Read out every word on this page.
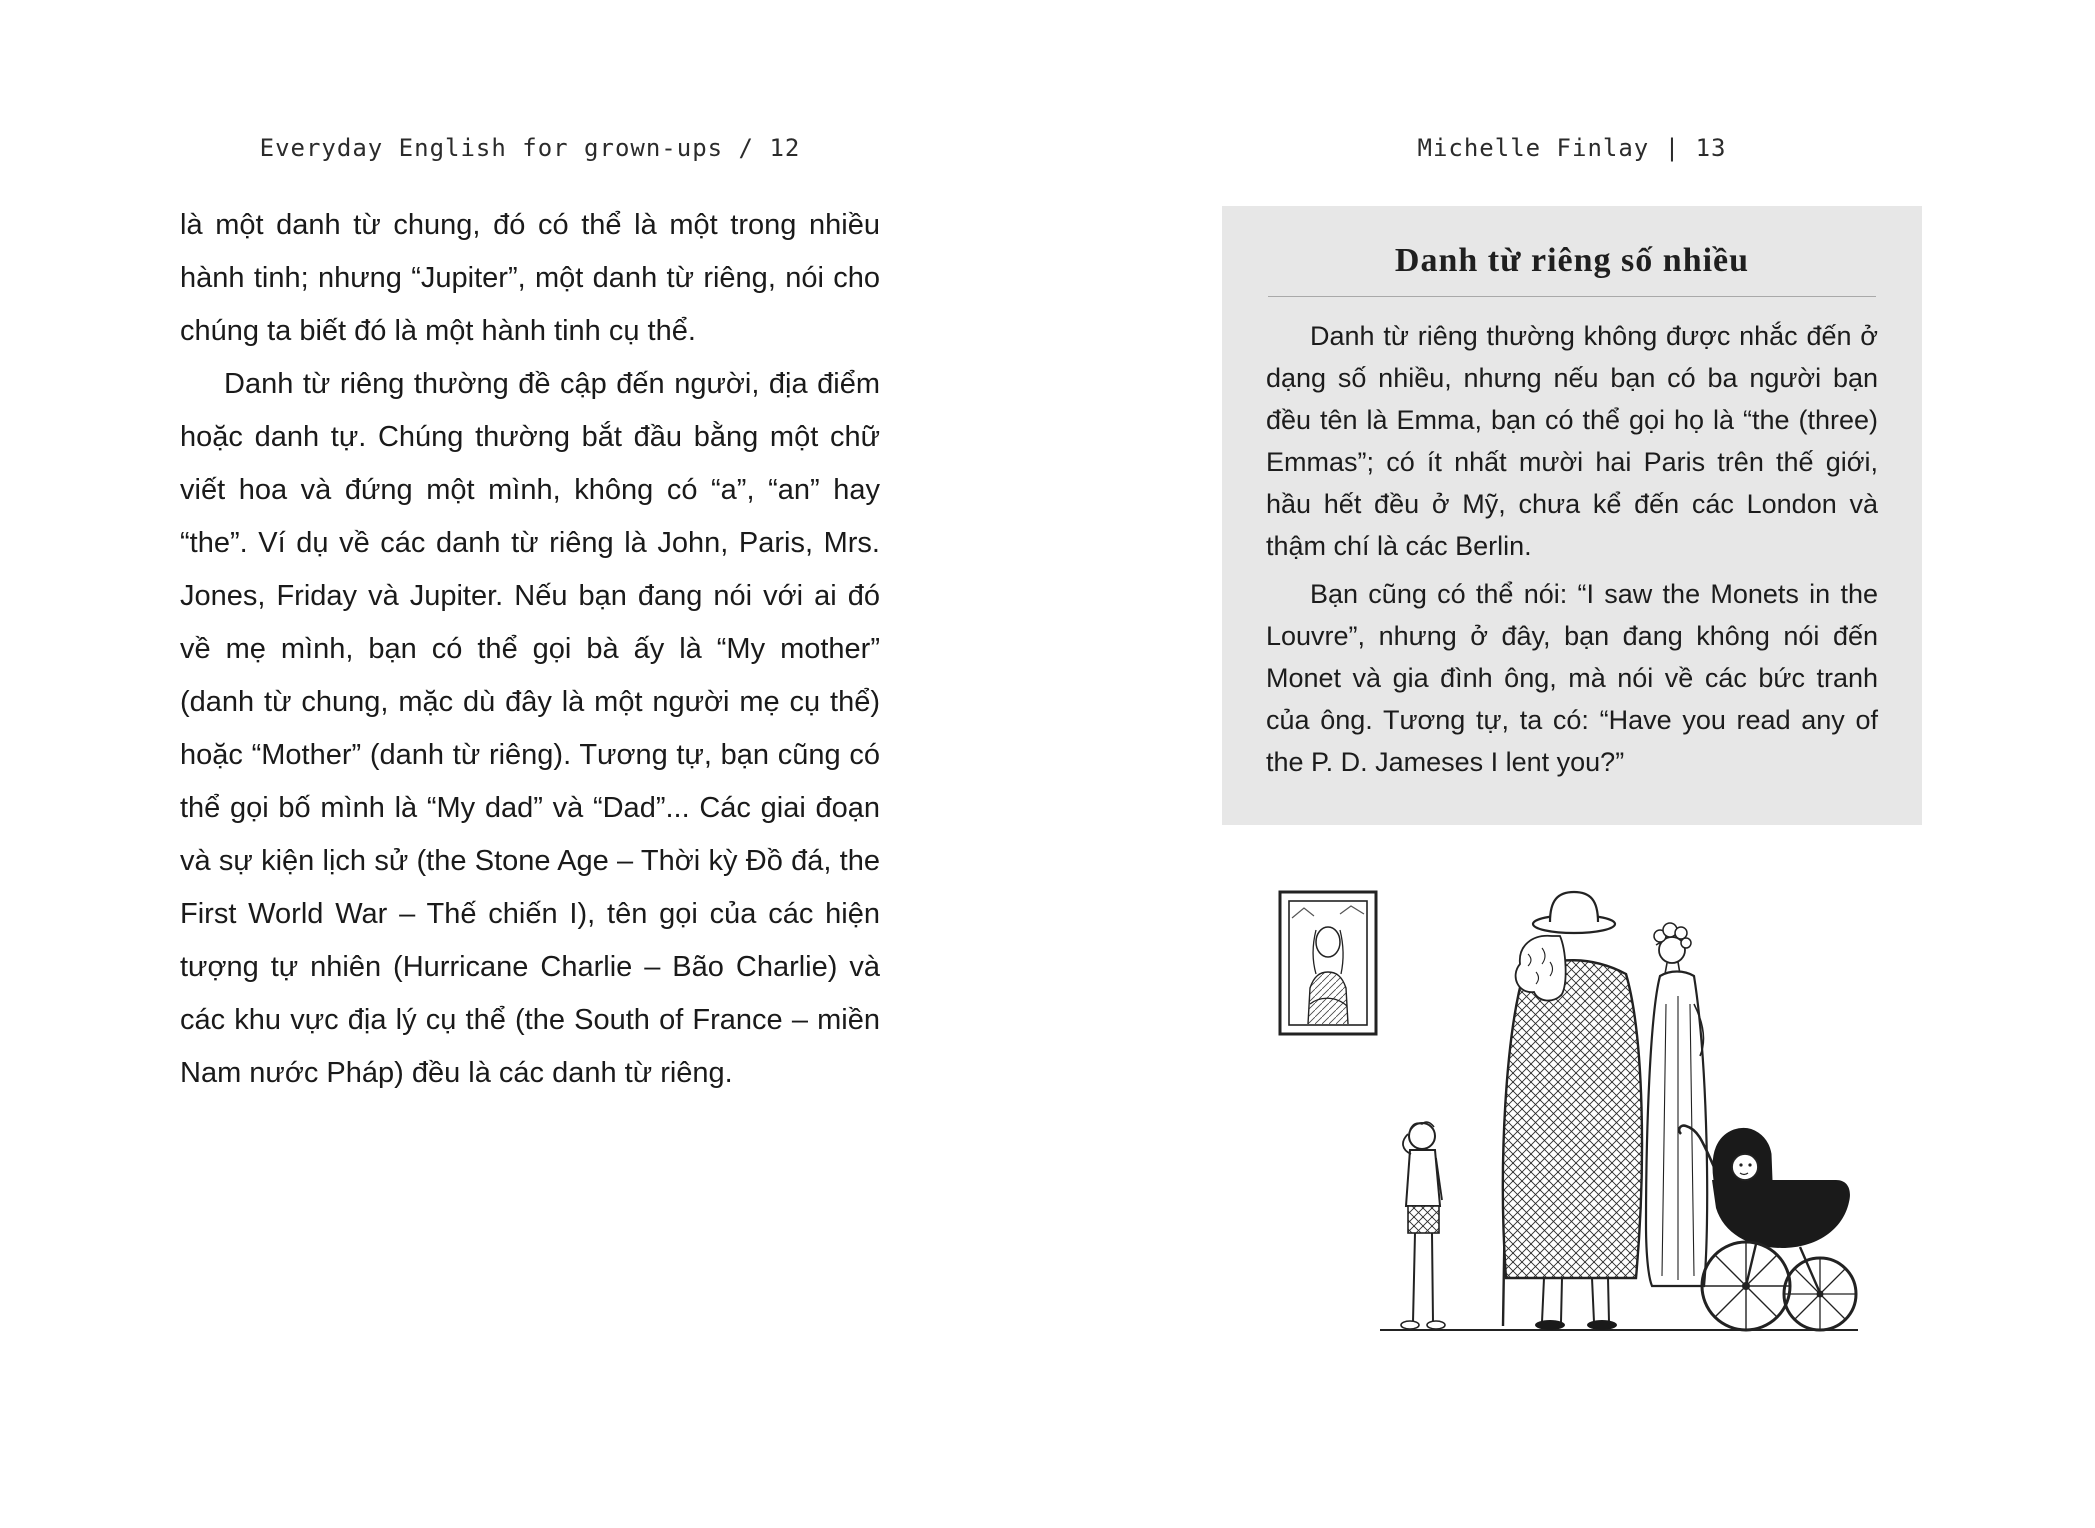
Everyday English for grown-ups / 12

là một danh từ chung, đó có thể là một trong nhiều hành tinh; nhưng “Jupiter”, một danh từ riêng, nói cho chúng ta biết đó là một hành tinh cụ thể.

Danh từ riêng thường đề cập đến người, địa điểm hoặc danh tự. Chúng thường bắt đầu bằng một chữ viết hoa và đứng một mình, không có “a”, “an” hay “the”. Ví dụ về các danh từ riêng là John, Paris, Mrs. Jones, Friday và Jupiter. Nếu bạn đang nói với ai đó về mẹ mình, bạn có thể gọi bà ấy là “My mother” (danh từ chung, mặc dù đây là một người mẹ cụ thể) hoặc “Mother” (danh từ riêng). Tương tự, bạn cũng có thể gọi bố mình là “My dad” và “Dad”... Các giai đoạn và sự kiện lịch sử (the Stone Age – Thời kỳ Đồ đá, the First World War – Thế chiến I), tên gọi của các hiện tượng tự nhiên (Hurricane Charlie – Bão Charlie) và các khu vực địa lý cụ thể (the South of France – miền Nam nước Pháp) đều là các danh từ riêng.

Michelle Finlay | 13
Danh từ riêng số nhiều

Danh từ riêng thường không được nhắc đến ở dạng số nhiều, nhưng nếu bạn có ba người bạn đều tên là Emma, bạn có thể gọi họ là “the (three) Emmas”; có ít nhất mười hai Paris trên thế giới, hầu hết đều ở Mỹ, chưa kể đến các London và thậm chí là các Berlin.

Bạn cũng có thể nói: “I saw the Monets in the Louvre”, nhưng ở đây, bạn đang không nói đến Monet và gia đình ông, mà nói về các bức tranh của ông. Tương tự, ta có: “Have you read any of the P. D. Jameses I lent you?”
